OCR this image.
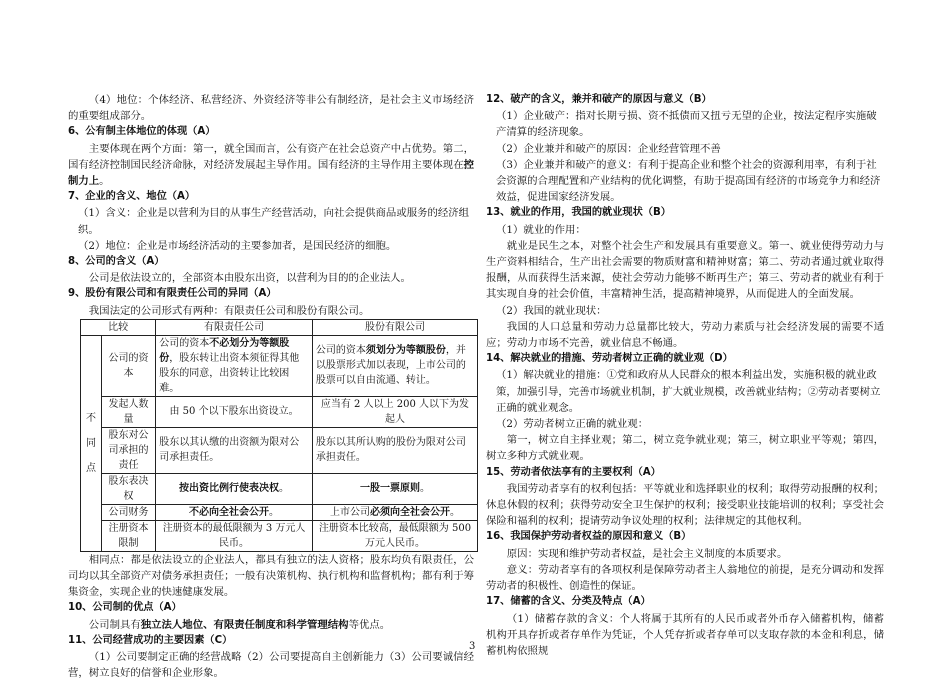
（4）地位：个体经济、私营经济、外资经济等非公有制经济，是社会主义市场经济的重要组成部分。

6、公有制主体地位的体现（A）

主要体现在两个方面：第一，就全国而言，公有资产在社会总资产中占优势。第二，国有经济控制国民经济命脉，对经济发展起主导作用。国有经济的主导作用主要体现在控制力上。

7、企业的含义、地位（A）

（1）含义：企业是以营利为目的从事生产经营活动，向社会提供商品或服务的经济组织。

（2）地位：企业是市场经济活动的主要参加者，是国民经济的细胞。

8、公司的含义（A）

公司是依法设立的，全部资本由股东出资，以营利为目的的企业法人。

9、股份有限公司和有限责任公司的异同（A）

我国法定的公司形式有两种：有限责任公司和股份有限公司。

比较		有限责任公司	股份有限公司

不
同
点	公司的资本	公司的资本不必划分为等额股份，股东转让出资本须征得其他股东的同意，出资转让比较困难。	公司的资本须划分为等额股份，并以股票形式加以表现，上市公司的股票可以自由流通、转让。
	发起人数量	由 50 个以下股东出资设立。	应当有 2 人以上 200 人以下为发起人
	股东对公司承担的责任	股东以其认缴的出资额为限对公司承担责任。	股东以其所认购的股份为限对公司承担责任。
	股东表决权	按出资比例行使表决权。	一股一票原则。
	公司财务	不必向全社会公开。	上市公司必须向全社会公开。
	注册资本限制	注册资本的最低限额为 3 万元人民币。	注册资本比较高，最低限额为 500 万元人民币。

相同点：都是依法设立的企业法人，都具有独立的法人资格；股东均负有限责任，公司均以其全部资产对债务承担责任；一般有决策机构、执行机构和监督机构；都有利于筹集资金，实现企业的快速健康发展。

10、公司制的优点（A）

公司制具有独立法人地位、有限责任制度和科学管理结构等优点。

11、公司经营成功的主要因素（C）

（1）公司要制定正确的经营战略（2）公司要提高自主创新能力（3）公司要诚信经营，树立良好的信誉和企业形象。

12、破产的含义，兼并和破产的原因与意义（B）

（1）企业破产：指对长期亏损、资不抵债而又扭亏无望的企业，按法定程序实施破产清算的经济现象。

（2）企业兼并和破产的原因：企业经营管理不善

（3）企业兼并和破产的意义：有利于提高企业和整个社会的资源利用率，有利于社会资源的合理配置和产业结构的优化调整，有助于提高国有经济的市场竞争力和经济效益，促进国家经济发展。

13、就业的作用，我国的就业现状（B）

（1）就业的作用：

就业是民生之本，对整个社会生产和发展具有重要意义。第一、就业使得劳动力与生产资料相结合，生产出社会需要的物质财富和精神财富；第二、劳动者通过就业取得报酬，从而获得生活来源，使社会劳动力能够不断再生产；第三、劳动者的就业有利于其实现自身的社会价值，丰富精神生活，提高精神境界，从而促进人的全面发展。

（2）我国的就业现状：

我国的人口总量和劳动力总量都比较大，劳动力素质与社会经济发展的需要不适应；劳动力市场不完善，就业信息不畅通。

14、解决就业的措施、劳动者树立正确的就业观（D）

（1）解决就业的措施：①党和政府从人民群众的根本利益出发，实施积极的就业政策，加强引导，完善市场就业机制，扩大就业规模，改善就业结构；②劳动者要树立正确的就业观念。

（2）劳动者树立正确的就业观：

第一，树立自主择业观；第二，树立竞争就业观；第三，树立职业平等观；第四，树立多种方式就业观。

15、劳动者依法享有的主要权利（A）

我国劳动者享有的权利包括：平等就业和选择职业的权利；取得劳动报酬的权利；休息休假的权利；获得劳动安全卫生保护的权利；接受职业技能培训的权利；享受社会保险和福利的权利；提请劳动争议处理的权利；法律规定的其他权利。

16、我国保护劳动者权益的原因和意义（B）

原因：实现和维护劳动者权益，是社会主义制度的本质要求。

意义：劳动者享有的各项权利是保障劳动者主人翁地位的前提，是充分调动和发挥劳动者的积极性、创造性的保证。

17、储蓄的含义、分类及特点（A）

（1）储蓄存款的含义：个人将属于其所有的人民币或者外币存入储蓄机构，储蓄机构开具存折或者存单作为凭证，个人凭存折或者存单可以支取存款的本金和利息，储蓄机构依照规

3
